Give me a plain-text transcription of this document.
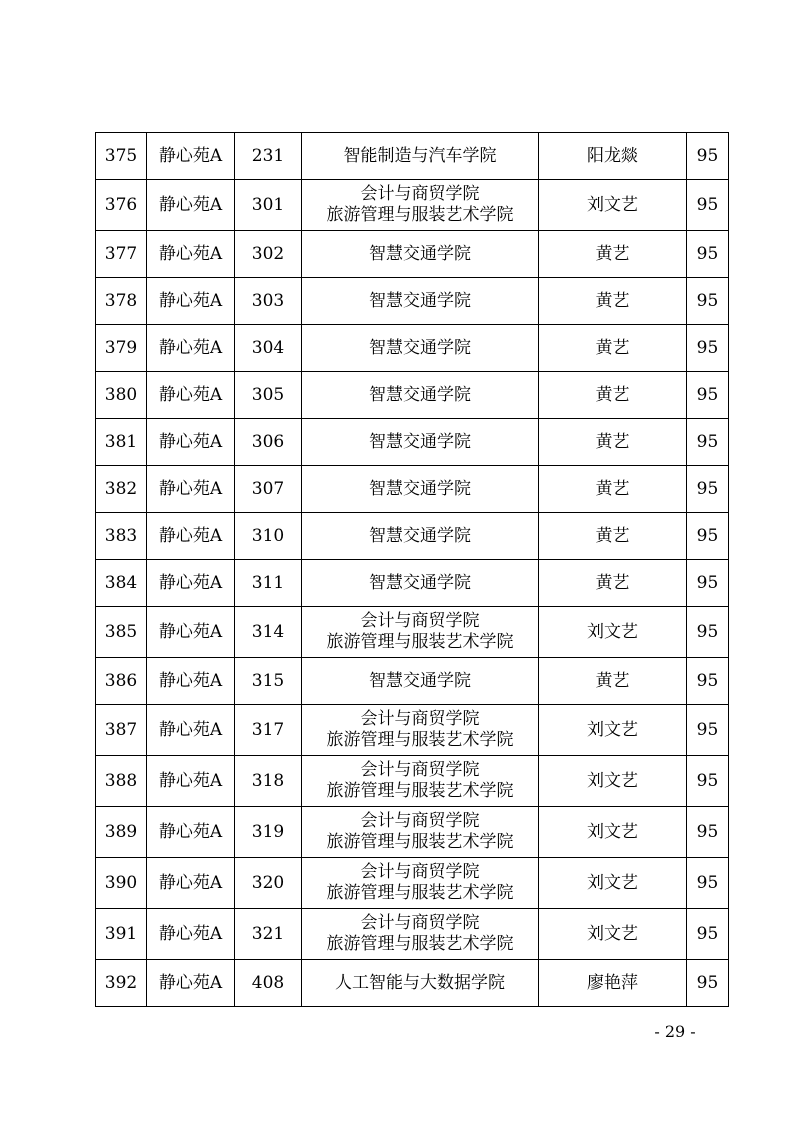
375	静心苑A	231	智能制造与汽车学院	阳龙燚	95
376	静心苑A	301	会计与商贸学院
旅游管理与服装艺术学院	刘文艺	95
377	静心苑A	302	智慧交通学院	黄艺	95
378	静心苑A	303	智慧交通学院	黄艺	95
379	静心苑A	304	智慧交通学院	黄艺	95
380	静心苑A	305	智慧交通学院	黄艺	95
381	静心苑A	306	智慧交通学院	黄艺	95
382	静心苑A	307	智慧交通学院	黄艺	95
383	静心苑A	310	智慧交通学院	黄艺	95
384	静心苑A	311	智慧交通学院	黄艺	95
385	静心苑A	314	会计与商贸学院
旅游管理与服装艺术学院	刘文艺	95
386	静心苑A	315	智慧交通学院	黄艺	95
387	静心苑A	317	会计与商贸学院
旅游管理与服装艺术学院	刘文艺	95
388	静心苑A	318	会计与商贸学院
旅游管理与服装艺术学院	刘文艺	95
389	静心苑A	319	会计与商贸学院
旅游管理与服装艺术学院	刘文艺	95
390	静心苑A	320	会计与商贸学院
旅游管理与服装艺术学院	刘文艺	95
391	静心苑A	321	会计与商贸学院
旅游管理与服装艺术学院	刘文艺	95
392	静心苑A	408	人工智能与大数据学院	廖艳萍	95
- 29 -
